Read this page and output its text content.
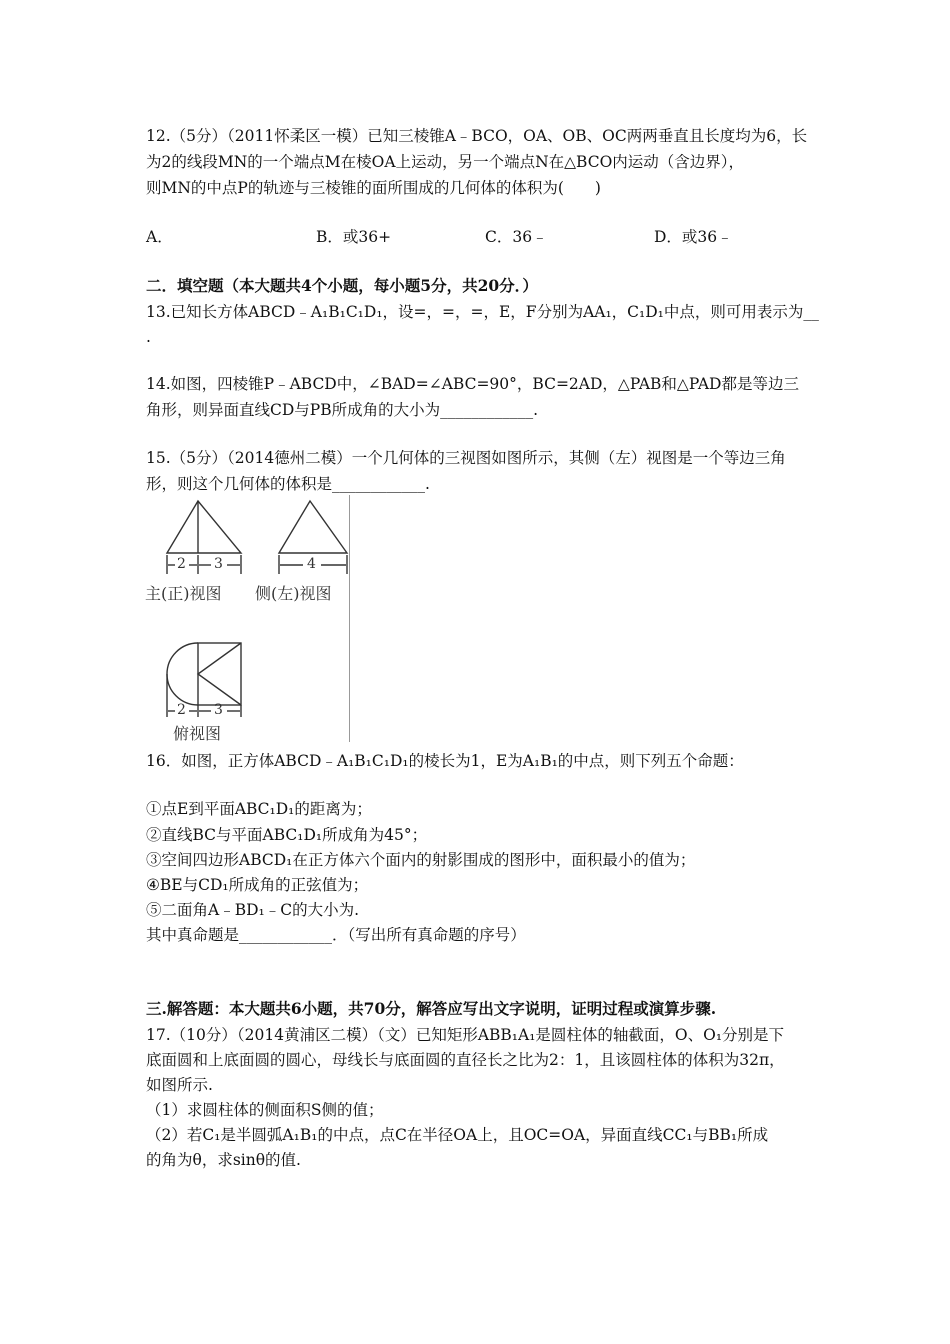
12.（5分）（2011怀柔区一模）已知三棱锥A﹣BCO，OA、OB、OC两两垂直且长度均为6，长
为2的线段MN的一个端点M在棱OA上运动，另一个端点N在△BCO内运动（含边界），
则MN的中点P的轨迹与三棱锥的面所围成的几何体的体积为(　　)
A．	B．或36+	C．36﹣	D．或36﹣
二．填空题（本大题共4个小题，每小题5分，共20分．）
13.已知长方体ABCD﹣A₁B₁C₁D₁，设=，=，=，E，F分别为AA₁，C₁D₁中点，则可用表示为__
.
14.如图，四棱锥P﹣ABCD中，∠BAD=∠ABC=90°，BC=2AD，△PAB和△PAD都是等边三
角形，则异面直线CD与PB所成角的大小为____________.
15.（5分）（2014德州二模）一个几何体的三视图如图所示，其侧（左）视图是一个等边三角
形，则这个几何体的体积是____________.
2 3	4
主(正)视图 侧(左)视图
2 3
俯视图
16．如图，正方体ABCD﹣A₁B₁C₁D₁的棱长为1，E为A₁B₁的中点，则下列五个命题：
①点E到平面ABC₁D₁的距离为；
②直线BC与平面ABC₁D₁所成角为45°；
③空间四边形ABCD₁在正方体六个面内的射影围成的图形中，面积最小的值为；
④BE与CD₁所成角的正弦值为；
⑤二面角A﹣BD₁﹣C的大小为.
其中真命题是____________．（写出所有真命题的序号）
三.解答题：本大题共6小题，共70分，解答应写出文字说明，证明过程或演算步骤.
17.（10分）（2014黄浦区二模）（文）已知矩形ABB₁A₁是圆柱体的轴截面，O、O₁分别是下
底面圆和上底面圆的圆心，母线长与底面圆的直径长之比为2：1，且该圆柱体的体积为32π，
如图所示.
（1）求圆柱体的侧面积S侧的值；
（2）若C₁是半圆弧A₁B₁的中点，点C在半径OA上，且OC=OA，异面直线CC₁与BB₁所成
的角为θ，求sinθ的值.
